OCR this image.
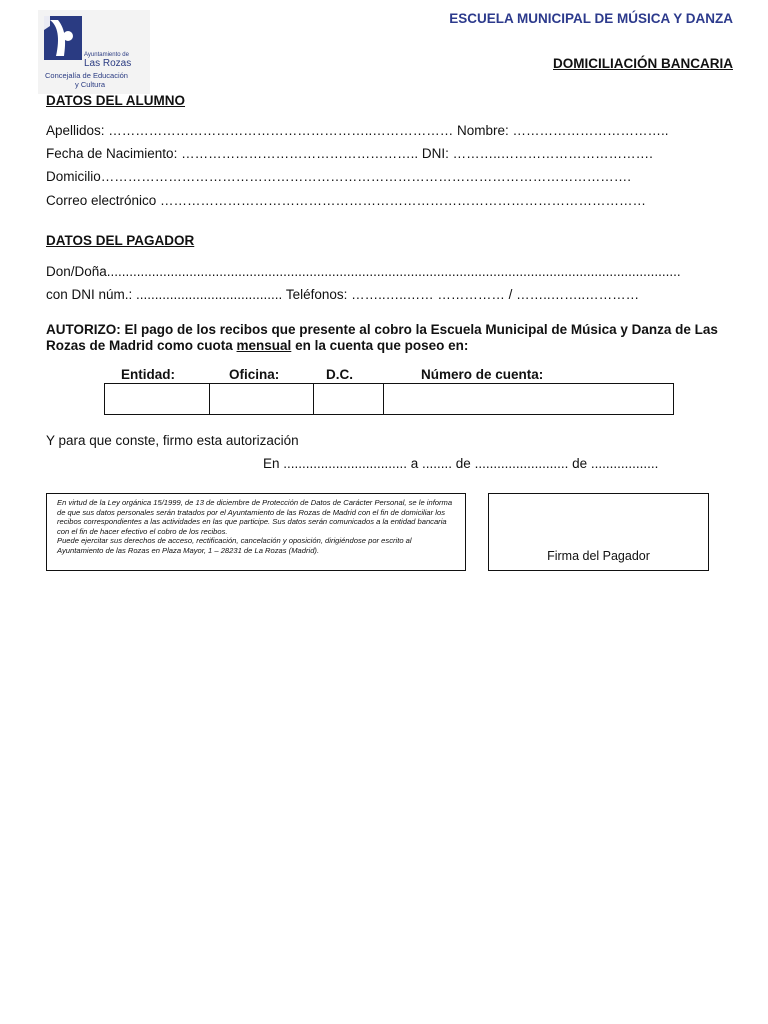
Ayuntamiento de
Las Rozas
Concejalía de Educación
y Cultura
ESCUELA MUNICIPAL DE MÚSICA Y DANZA
DOMICILIACIÓN BANCARIA
DATOS DEL ALUMNO
Apellidos: …………………………………………………..……………… Nombre: ……………………………..
Fecha de Nacimiento: …………………………………………….. DNI: ………..…………………………….
Domicilio……………………………………………………………………………………………………….
Correo electrónico ………………………………………………………………………………………………
DATOS DEL PAGADOR
Don/Doña.........................................................................................................................................................
con DNI núm.: ....................................... Teléfonos: ……..…..…… …………… / ……..……..…………
AUTORIZO: El pago de los recibos que presente al cobro la Escuela Municipal de Música y Danza de Las Rozas de Madrid como cuota mensual en la cuenta que poseo en:
Entidad:	Oficina:	D.C.	Número de cuenta:
Y para que conste, firmo esta autorización
En ................................. a ........ de ......................... de ..................
En virtud de la Ley orgánica 15/1999, de 13 de diciembre de Protección de Datos de Carácter Personal, se le informa de que sus datos personales serán tratados por el Ayuntamiento de las Rozas de Madrid con el fin de domiciliar los recibos correspondientes a las actividades en las que participe. Sus datos serán comunicados a la entidad bancaria con el fin de hacer efectivo el cobro de los recibos.
Puede ejercitar sus derechos de acceso, rectificación, cancelación y oposición, dirigiéndose por escrito al Ayuntamiento de las Rozas en Plaza Mayor, 1 – 28231 de La Rozas (Madrid).	Firma del Pagador
